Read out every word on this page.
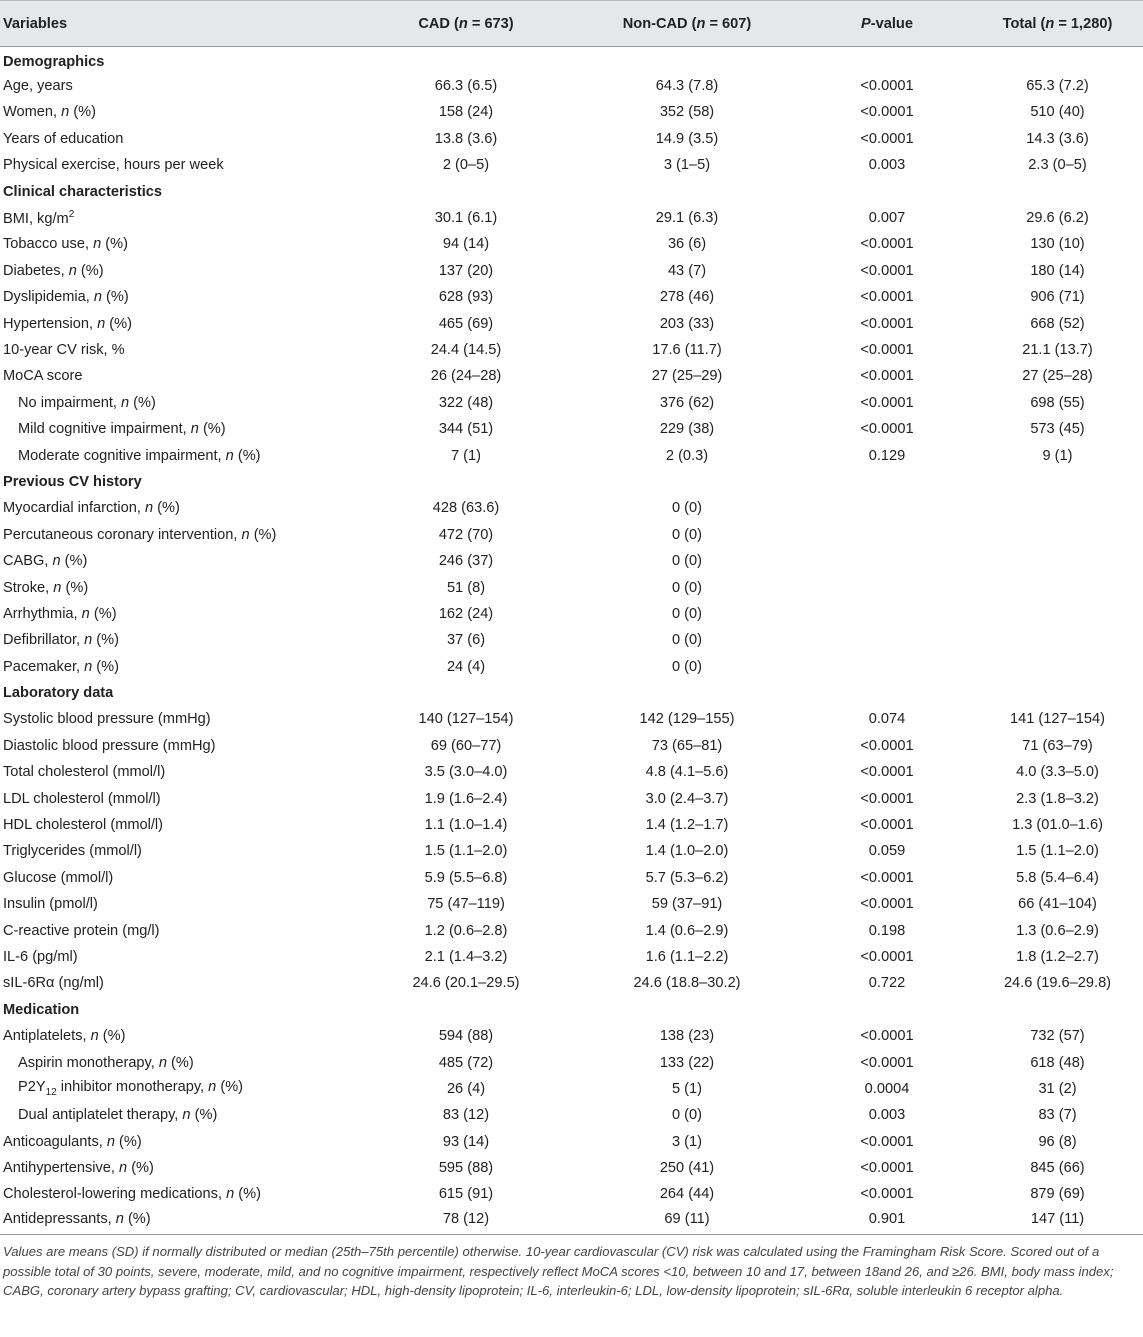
Variables	CAD (n = 673)	Non-CAD (n = 607)	P-value	Total (n = 1,280)
Demographics				
Age, years	66.3 (6.5)	64.3 (7.8)	<0.0001	65.3 (7.2)
Women, n (%)	158 (24)	352 (58)	<0.0001	510 (40)
Years of education	13.8 (3.6)	14.9 (3.5)	<0.0001	14.3 (3.6)
Physical exercise, hours per week	2 (0–5)	3 (1–5)	0.003	2.3 (0–5)
Clinical characteristics				
BMI, $kg/m^2$	30.1 (6.1)	29.1 (6.3)	0.007	29.6 (6.2)
Tobacco use, n (%)	94 (14)	36 (6)	<0.0001	130 (10)
Diabetes, n (%)	137 (20)	43 (7)	<0.0001	180 (14)
Dyslipidemia, n (%)	628 (93)	278 (46)	<0.0001	906 (71)
Hypertension, n (%)	465 (69)	203 (33)	<0.0001	668 (52)
10-year CV risk, %	24.4 (14.5)	17.6 (11.7)	<0.0001	21.1 (13.7)
MoCA score	26 (24–28)	27 (25–29)	<0.0001	27 (25–28)
No impairment, n (%)	322 (48)	376 (62)	<0.0001	698 (55)
Mild cognitive impairment, n (%)	344 (51)	229 (38)	<0.0001	573 (45)
Moderate cognitive impairment, n (%)	7 (1)	2 (0.3)	0.129	9 (1)
Previous CV history				
Myocardial infarction, n (%)	428 (63.6)	0 (0)		
Percutaneous coronary intervention, n (%)	472 (70)	0 (0)		
CABG, n (%)	246 (37)	0 (0)		
Stroke, n (%)	51 (8)	0 (0)		
Arrhythmia, n (%)	162 (24)	0 (0)		
Defibrillator, n (%)	37 (6)	0 (0)		
Pacemaker, n (%)	24 (4)	0 (0)		
Laboratory data				
Systolic blood pressure (mmHg)	140 (127–154)	142 (129–155)	0.074	141 (127–154)
Diastolic blood pressure (mmHg)	69 (60–77)	73 (65–81)	<0.0001	71 (63–79)
Total cholesterol (mmol/l)	3.5 (3.0–4.0)	4.8 (4.1–5.6)	<0.0001	4.0 (3.3–5.0)
LDL cholesterol (mmol/l)	1.9 (1.6–2.4)	3.0 (2.4–3.7)	<0.0001	2.3 (1.8–3.2)
HDL cholesterol (mmol/l)	1.1 (1.0–1.4)	1.4 (1.2–1.7)	<0.0001	1.3 (01.0–1.6)
Triglycerides (mmol/l)	1.5 (1.1–2.0)	1.4 (1.0–2.0)	0.059	1.5 (1.1–2.0)
Glucose (mmol/l)	5.9 (5.5–6.8)	5.7 (5.3–6.2)	<0.0001	5.8 (5.4–6.4)
Insulin (pmol/l)	75 (47–119)	59 (37–91)	<0.0001	66 (41–104)
C-reactive protein (mg/l)	1.2 (0.6–2.8)	1.4 (0.6–2.9)	0.198	1.3 (0.6–2.9)
IL-6 (pg/ml)	2.1 (1.4–3.2)	1.6 (1.1–2.2)	<0.0001	1.8 (1.2–2.7)
sIL-6Rα (ng/ml)	24.6 (20.1–29.5)	24.6 (18.8–30.2)	0.722	24.6 (19.6–29.8)
Medication				
Antiplatelets, n (%)	594 (88)	138 (23)	<0.0001	732 (57)
Aspirin monotherapy, n (%)	485 (72)	133 (22)	<0.0001	618 (48)
$P2Y_{12}$ inhibitor monotherapy, n (%)	26 (4)	5 (1)	0.0004	31 (2)
Dual antiplatelet therapy, n (%)	83 (12)	0 (0)	0.003	83 (7)
Anticoagulants, n (%)	93 (14)	3 (1)	<0.0001	96 (8)
Antihypertensive, n (%)	595 (88)	250 (41)	<0.0001	845 (66)
Cholesterol-lowering medications, n (%)	615 (91)	264 (44)	<0.0001	879 (69)
Antidepressants, n (%)	78 (12)	69 (11)	0.901	147 (11)
Values are means (SD) if normally distributed or median (25th–75th percentile) otherwise. 10-year cardiovascular (CV) risk was calculated using the Framingham Risk Score. Scored out of a possible total of 30 points, severe, moderate, mild, and no cognitive impairment, respectively reflect MoCA scores <10, between 10 and 17, between 18and 26, and ≥26. BMI, body mass index; CABG, coronary artery bypass grafting; CV, cardiovascular; HDL, high-density lipoprotein; IL-6, interleukin-6; LDL, low-density lipoprotein; sIL-6Rα, soluble interleukin 6 receptor alpha.
